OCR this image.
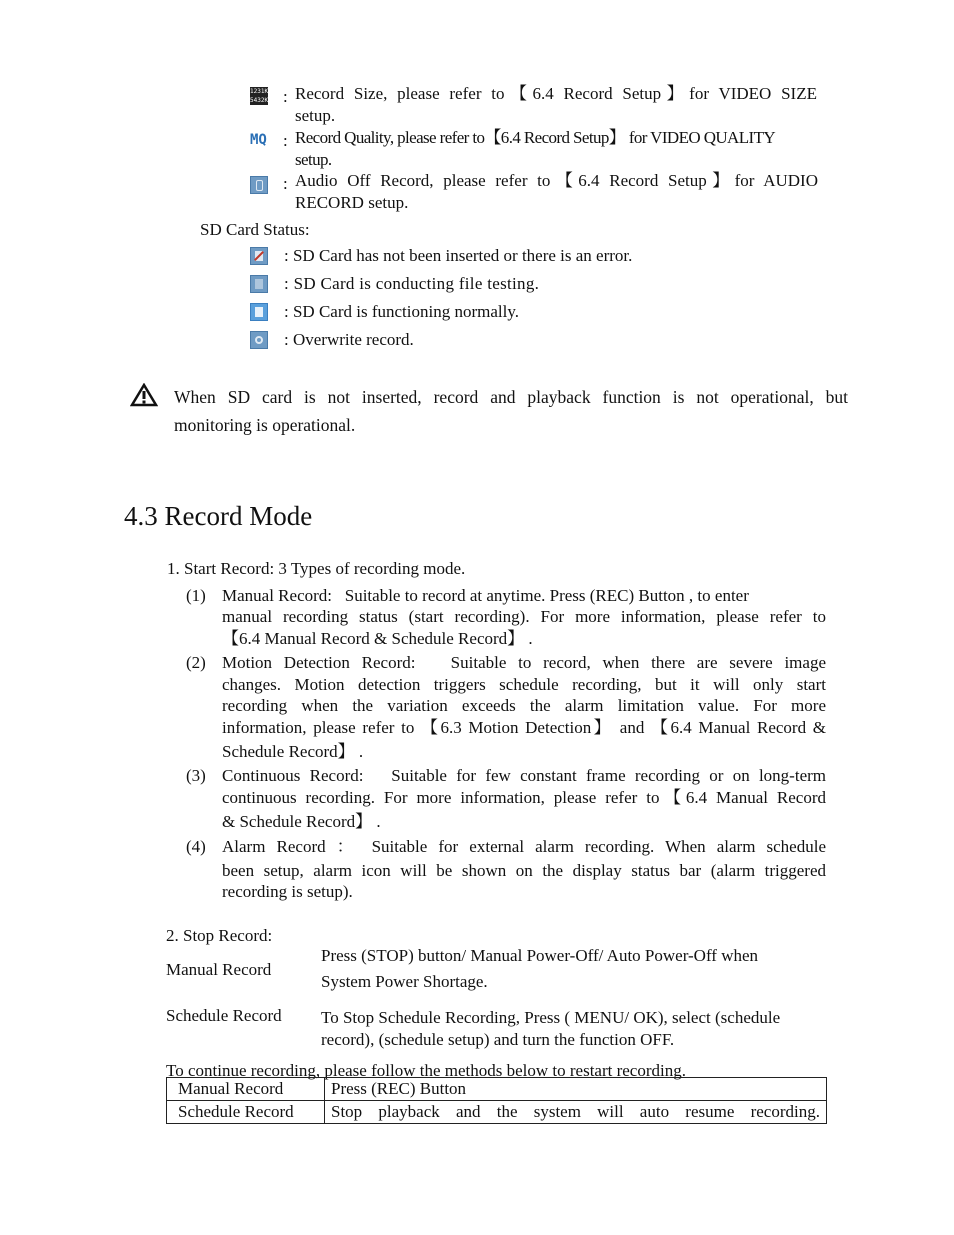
1231K
5432K : Record Size, please refer to【6.4 Record Setup】for VIDEO SIZE
setup.
MQ : Record Quality, please refer to【6.4 Record Setup】 for VIDEO QUALITY
setup.
: Audio Off Record, please refer to【6.4 Record Setup】for AUDIO
RECORD setup.
SD Card Status:
: SD Card has not been inserted or there is an error.
: SD Card is conducting file testing.
: SD Card is functioning normally.
: Overwrite record.
When SD card is not inserted, record and playback function is not operational, but
monitoring is operational.
4.3 Record Mode
1. Start Record: 3 Types of recording mode.
(1) Manual Record:   Suitable to record at anytime. Press (REC) Button , to enter
manual recording status (start recording). For more information, please refer to
【6.4 Manual Record & Schedule Record】 .
(2) Motion Detection Record:   Suitable to record, when there are severe image
changes. Motion detection triggers schedule recording, but it will only start
recording when the variation exceeds the alarm limitation value. For more
information, please refer to 【6.3 Motion Detection】 and 【6.4 Manual Record &
Schedule Record】 .
(3) Continuous Record:   Suitable for few constant frame recording or on long-term
continuous recording. For more information, please refer to【6.4 Manual Record
& Schedule Record】 .
(4) Alarm Record ： Suitable for external alarm recording. When alarm schedule
been setup, alarm icon will be shown on the display status bar (alarm triggered
recording is setup).
2. Stop Record:
Manual Record
Press (STOP) button/ Manual Power-Off/ Auto Power-Off when
System Power Shortage.
Schedule Record To Stop Schedule Recording, Press ( MENU/ OK), select (schedule
record), (schedule setup) and turn the function OFF.
To continue recording, please follow the methods below to restart recording.
Manual Record	Press (REC) Button
Schedule Record	Stop playback and the system will auto resume recording.
